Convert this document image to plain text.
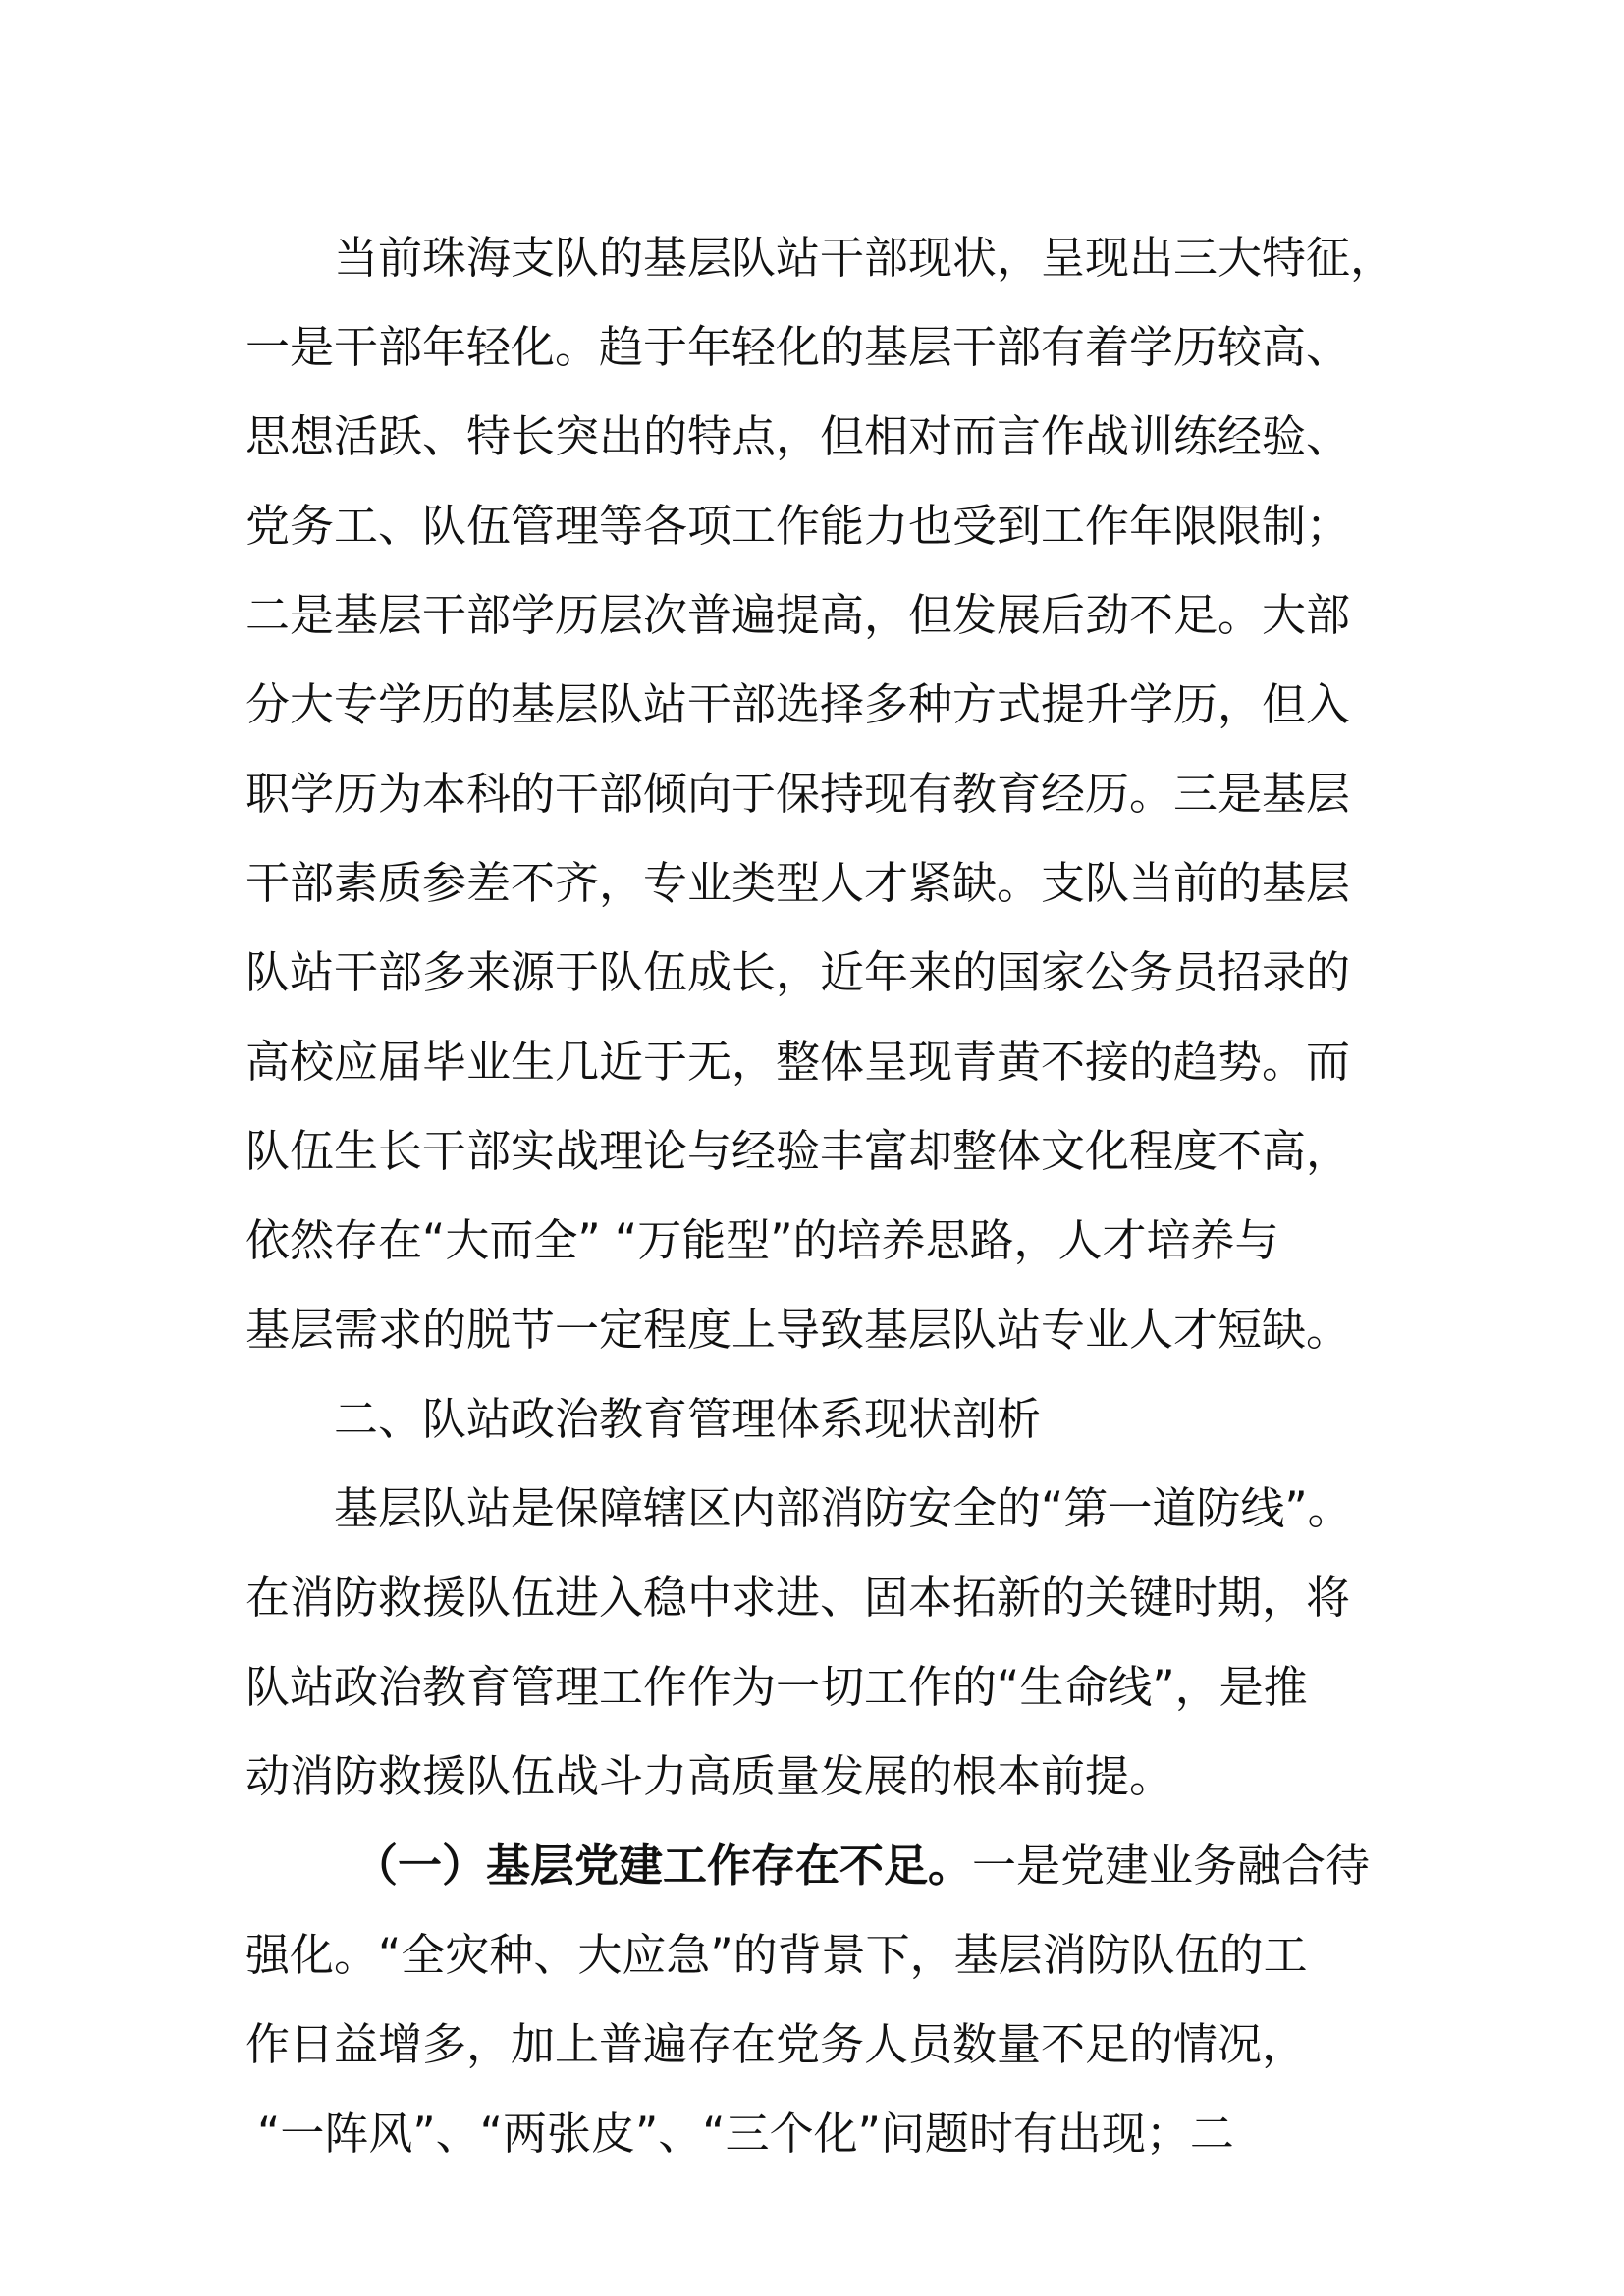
当前珠海支队的基层队站干部现状，呈现出三大特征，
一是干部年轻化。趋于年轻化的基层干部有着学历较高、
思想活跃、特长突出的特点，但相对而言作战训练经验、
党务工、队伍管理等各项工作能力也受到工作年限限制；
二是基层干部学历层次普遍提高，但发展后劲不足。大部
分大专学历的基层队站干部选择多种方式提升学历，但入
职学历为本科的干部倾向于保持现有教育经历。三是基层
干部素质参差不齐，专业类型人才紧缺。支队当前的基层
队站干部多来源于队伍成长，近年来的国家公务员招录的
高校应届毕业生几近于无，整体呈现青黄不接的趋势。而
队伍生长干部实战理论与经验丰富却整体文化程度不高，
依然存在“大而全” “万能型”的培养思路，人才培养与
基层需求的脱节一定程度上导致基层队站专业人才短缺。
二、队站政治教育管理体系现状剖析
基层队站是保障辖区内部消防安全的“第一道防线”。
在消防救援队伍进入稳中求进、固本拓新的关键时期，将
队站政治教育管理工作作为一切工作的“生命线”，是推
动消防救援队伍战斗力高质量发展的根本前提。
（一）基层党建工作存在不足。一是党建业务融合待
强化。“全灾种、大应急”的背景下，基层消防队伍的工
作日益增多，加上普遍存在党务人员数量不足的情况，
“一阵风”、“两张皮”、“三个化”问题时有出现；二
